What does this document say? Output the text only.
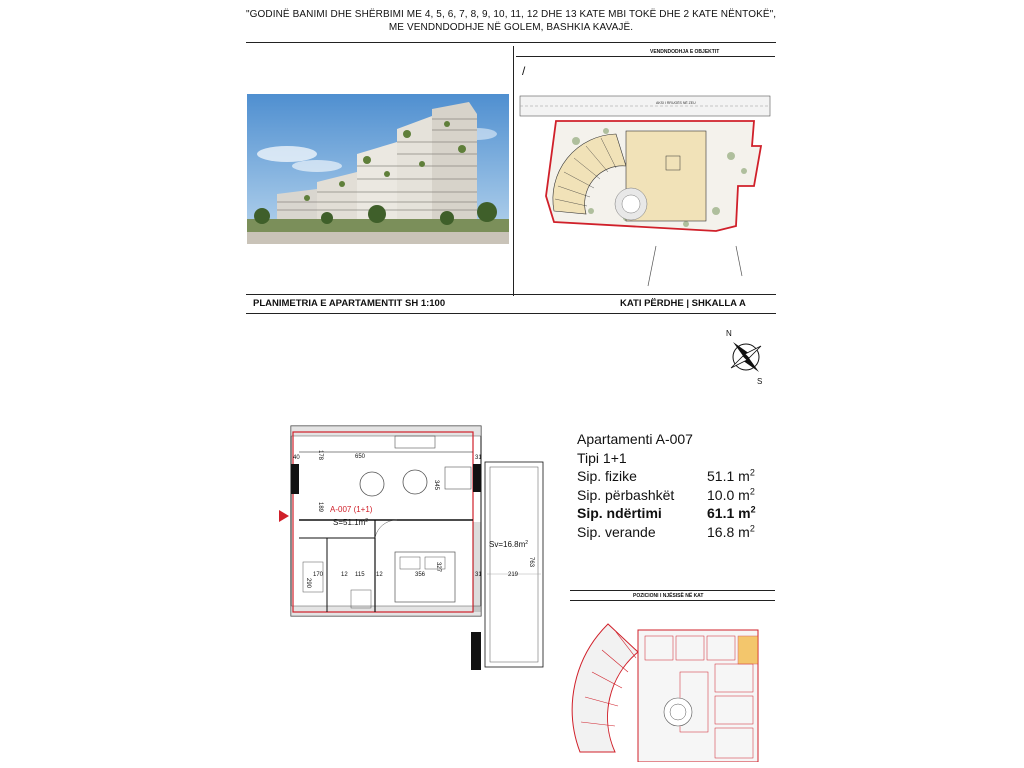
"GODINË BANIMI DHE SHËRBIMI ME 4, 5, 6, 7, 8, 9, 10, 11, 12 DHE 13 KATE MBI TOKË DHE 2 KATE NËNTOKË",
ME VENDNDODHJE NË GOLEM, BASHKIA KAVAJË.
VENDNDODHJA E OBJEKTIT
/
AKSI I RRUGËS NË ZEU
PLANIMETRIA E APARTAMENTIT SH 1:100	KATI PËRDHE | SHKALLA A
N
S
A-007 (1+1)
$S=51.1m^2$
$Sv=16.8m^2$
650
345
178
40	31
189
31	219
763
170	12 115 12	356
327
290
Apartamenti A-007
Tipi 1+1
Sip. fizike	51.1 $m^2$
Sip. përbashkët 10.0 $m^2$
Sip. ndërtimi	61.1 $m^2$
Sip. verande	16.8 $m^2$
POZICIONI I NJËSISË NË KAT
